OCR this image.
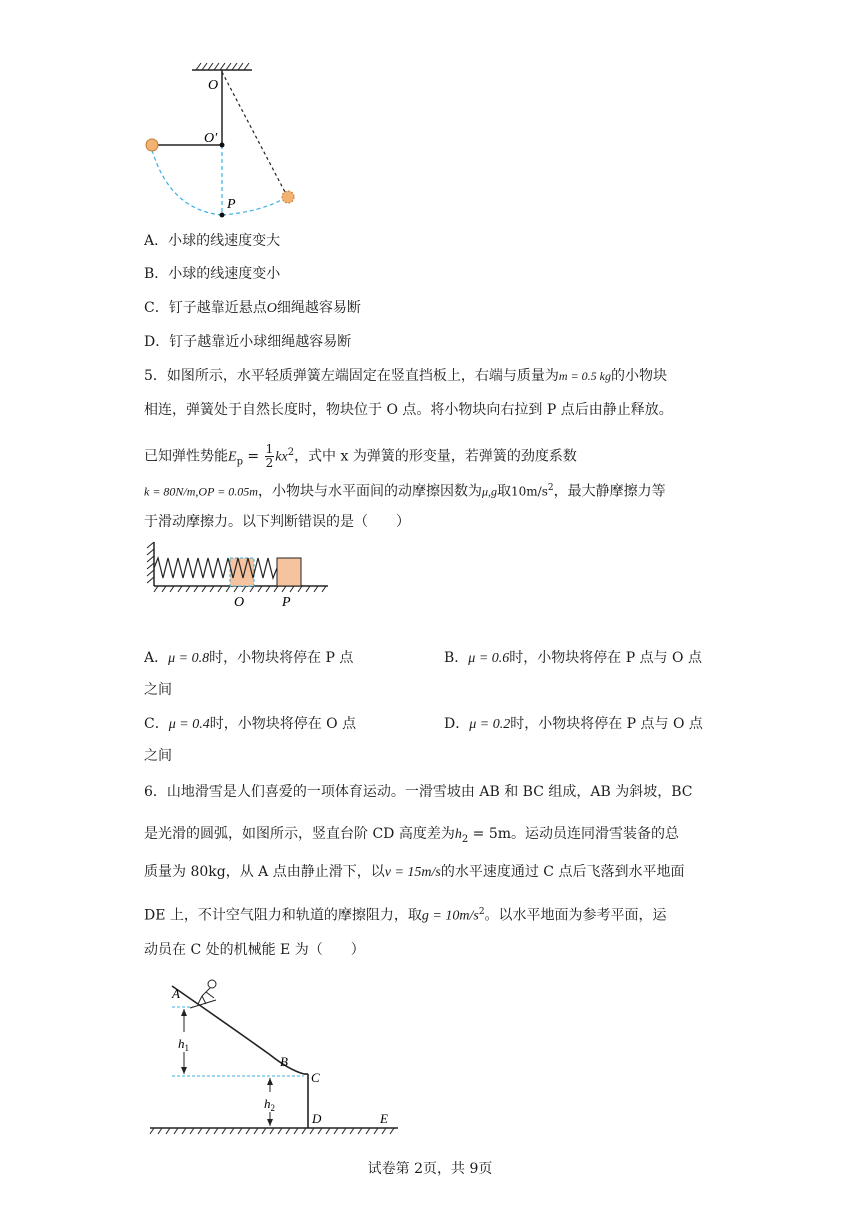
O
O'
P
A．小球的线速度变大
B．小球的线速度变小
C．钉子越靠近悬点O细绳越容易断
D．钉子越靠近小球细绳越容易断
5．如图所示，水平轻质弹簧左端固定在竖直挡板上，右端与质量为m = 0.5 kg的小物块
相连，弹簧处于自然长度时，物块位于 O 点。将小物块向右拉到 P 点后由静止释放。
已知弹性势能$E_p = \frac{1}{2} kx^2$，式中 x 为弹簧的形变量，若弹簧的劲度系数
k = 80N/m,OP = 0.05m，小物块与水平面间的动摩擦因数为μ,g取$10m/s^2$，最大静摩擦力等
于滑动摩擦力。以下判断错误的是（　　）
O	P
A．μ = 0.8时，小物块将停在 P 点	B．μ = 0.6时，小物块将停在 P 点与 O 点
之间
C．μ = 0.4时，小物块将停在 O 点	D．μ = 0.2时，小物块将停在 P 点与 O 点
之间
6．山地滑雪是人们喜爱的一项体育运动。一滑雪坡由 AB 和 BC 组成，AB 为斜坡，BC
是光滑的圆弧，如图所示，竖直台阶 CD 高度差为$h_2 = 5m$。运动员连同滑雪装备的总
质量为 80kg，从 A 点由静止滑下，以v = 15m/s的水平速度通过 C 点后飞落到水平地面
DE 上，不计空气阻力和轨道的摩擦阻力，取$g = 10m/s^2$。以水平地面为参考平面，运
动员在 C 处的机械能 E 为（　　）
A
B
C
D	E
$h_1$
$h_2$
试卷第 2页，共 9页
